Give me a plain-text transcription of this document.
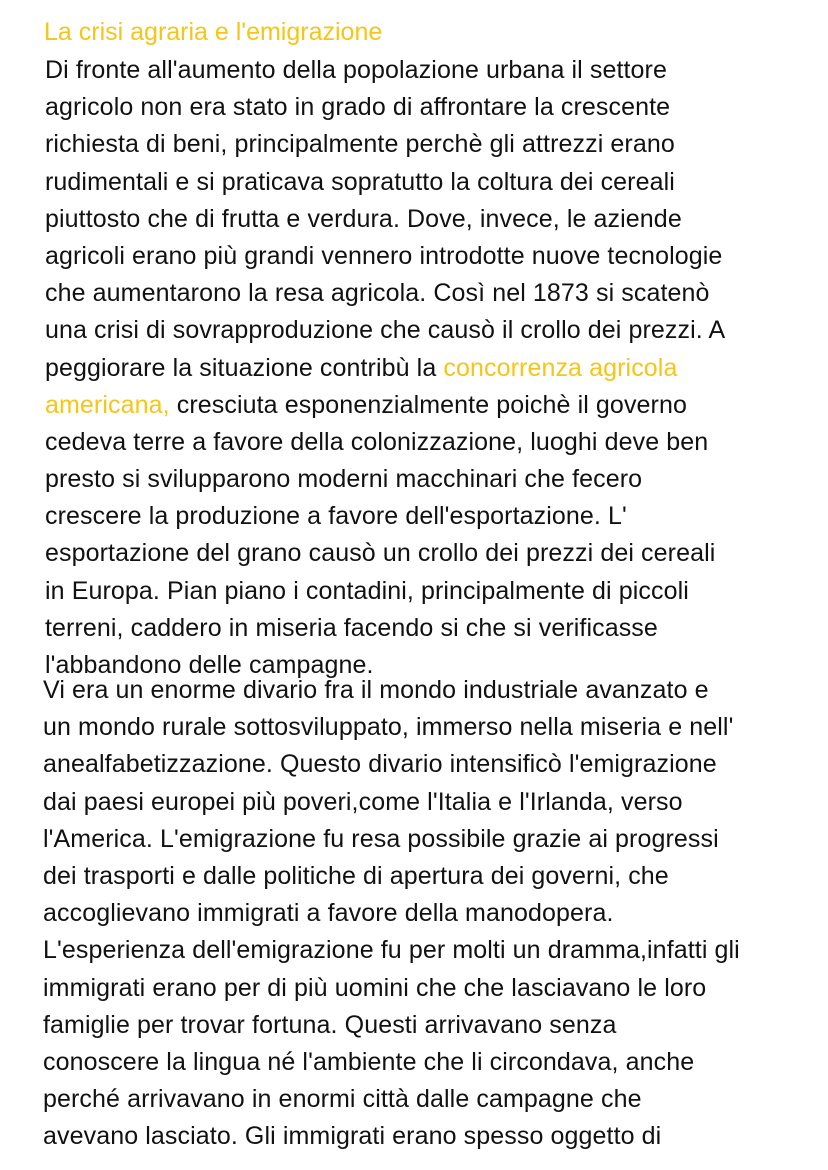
La crisi agraria e l'emigrazione
Di fronte all'aumento della popolazione urbana il settore
agricolo non era stato in grado di affrontare la crescente
richiesta di beni, principalmente perchè gli attrezzi erano
rudimentali e si praticava sopratutto la coltura dei cereali
piuttosto che di frutta e verdura. Dove, invece, le aziende
agricoli erano più grandi vennero introdotte nuove tecnologie
che aumentarono la resa agricola. Così nel 1873 si scatenò
una crisi di sovrapproduzione che causò il crollo dei prezzi. A
peggiorare la situazione contribù la concorrenza agricola
americana, cresciuta esponenzialmente poichè il governo
cedeva terre a favore della colonizzazione, luoghi deve ben
presto si svilupparono moderni macchinari che fecero
crescere la produzione a favore dell'esportazione. L'
esportazione del grano causò un crollo dei prezzi dei cereali
in Europa. Pian piano i contadini, principalmente di piccoli
terreni, caddero in miseria facendo si che si verificasse
l'abbandono delle campagne.
Vi era un enorme divario fra il mondo industriale avanzato e
un mondo rurale sottosviluppato, immerso nella miseria e nell'
anealfabetizzazione. Questo divario intensificò l'emigrazione
dai paesi europei più poveri,come l'Italia e l'Irlanda, verso
l'America. L'emigrazione fu resa possibile grazie ai progressi
dei trasporti e dalle politiche di apertura dei governi, che
accoglievano immigrati a favore della manodopera.
L'esperienza dell'emigrazione fu per molti un dramma,infatti gli
immigrati erano per di più uomini che che lasciavano le loro
famiglie per trovar fortuna. Questi arrivavano senza
conoscere la lingua né l'ambiente che li circondava, anche
perché arrivavano in enormi città dalle campagne che
avevano lasciato. Gli immigrati erano spesso oggetto di
